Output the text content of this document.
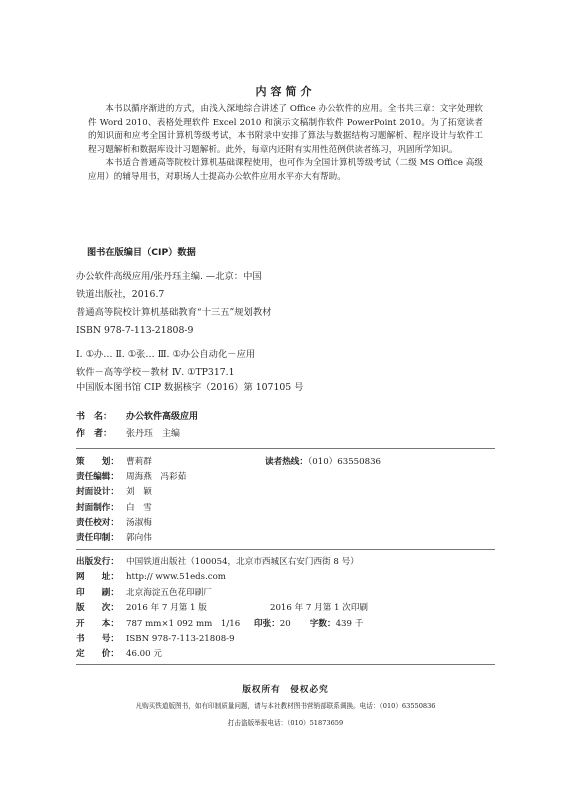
内容简介

本书以循序渐进的方式，由浅入深地综合讲述了 Office 办公软件的应用。全书共三章：文字处理软件 Word 2010、表格处理软件 Excel 2010 和演示文稿制作软件 PowerPoint 2010。为了拓宽读者的知识面和应考全国计算机等级考试，本书附录中安排了算法与数据结构习题解析、程序设计与软件工程习题解析和数据库设计习题解析。此外，每章内还附有实用性范例供读者练习，巩固所学知识。

本书适合普通高等院校计算机基础课程使用，也可作为全国计算机等级考试（二级 MS Office 高级应用）的辅导用书，对职场人士提高办公软件应用水平亦大有帮助。

图书在版编目（CIP）数据
办公软件高级应用/张丹珏主编. —北京：中国
铁道出版社，2016.7
普通高等院校计算机基础教育“十三五”规划教材
ISBN 978-7-113-21808-9
Ⅰ. ①办… Ⅱ. ①张… Ⅲ. ①办公自动化－应用
软件－高等学校－教材 Ⅳ. ①TP317.1
中国版本图书馆 CIP 数据核字（2016）第 107105 号
书　名： 办公软件高级应用
作　者： 张丹珏　主编
策　　划： 曹莉群
责任编辑： 周海燕　冯彩茹
封面设计： 刘　颖
封面制作： 白　雪
责任校对： 汤淑梅
责任印制： 郭向伟
读者热线：（010）63550836
出版发行： 中国铁道出版社（100054，北京市西城区右安门西街 8 号）
网　　址： http:// www.51eds.com
印　　刷： 北京海淀五色花印刷厂
版　　次： 2016 年 7 月第 1 版	2016 年 7 月第 1 次印刷
开　　本： 787 mm×1 092 mm　1/16 印张：20 字数：439 千
书　　号： ISBN 978-7-113-21808-9
定　　价： 46.00 元
版权所有　侵权必究
凡购买铁道版图书，如有印制质量问题，请与本社教材图书营销部联系调换。电话：（010）63550836
打击盗版举报电话：（010）51873659
